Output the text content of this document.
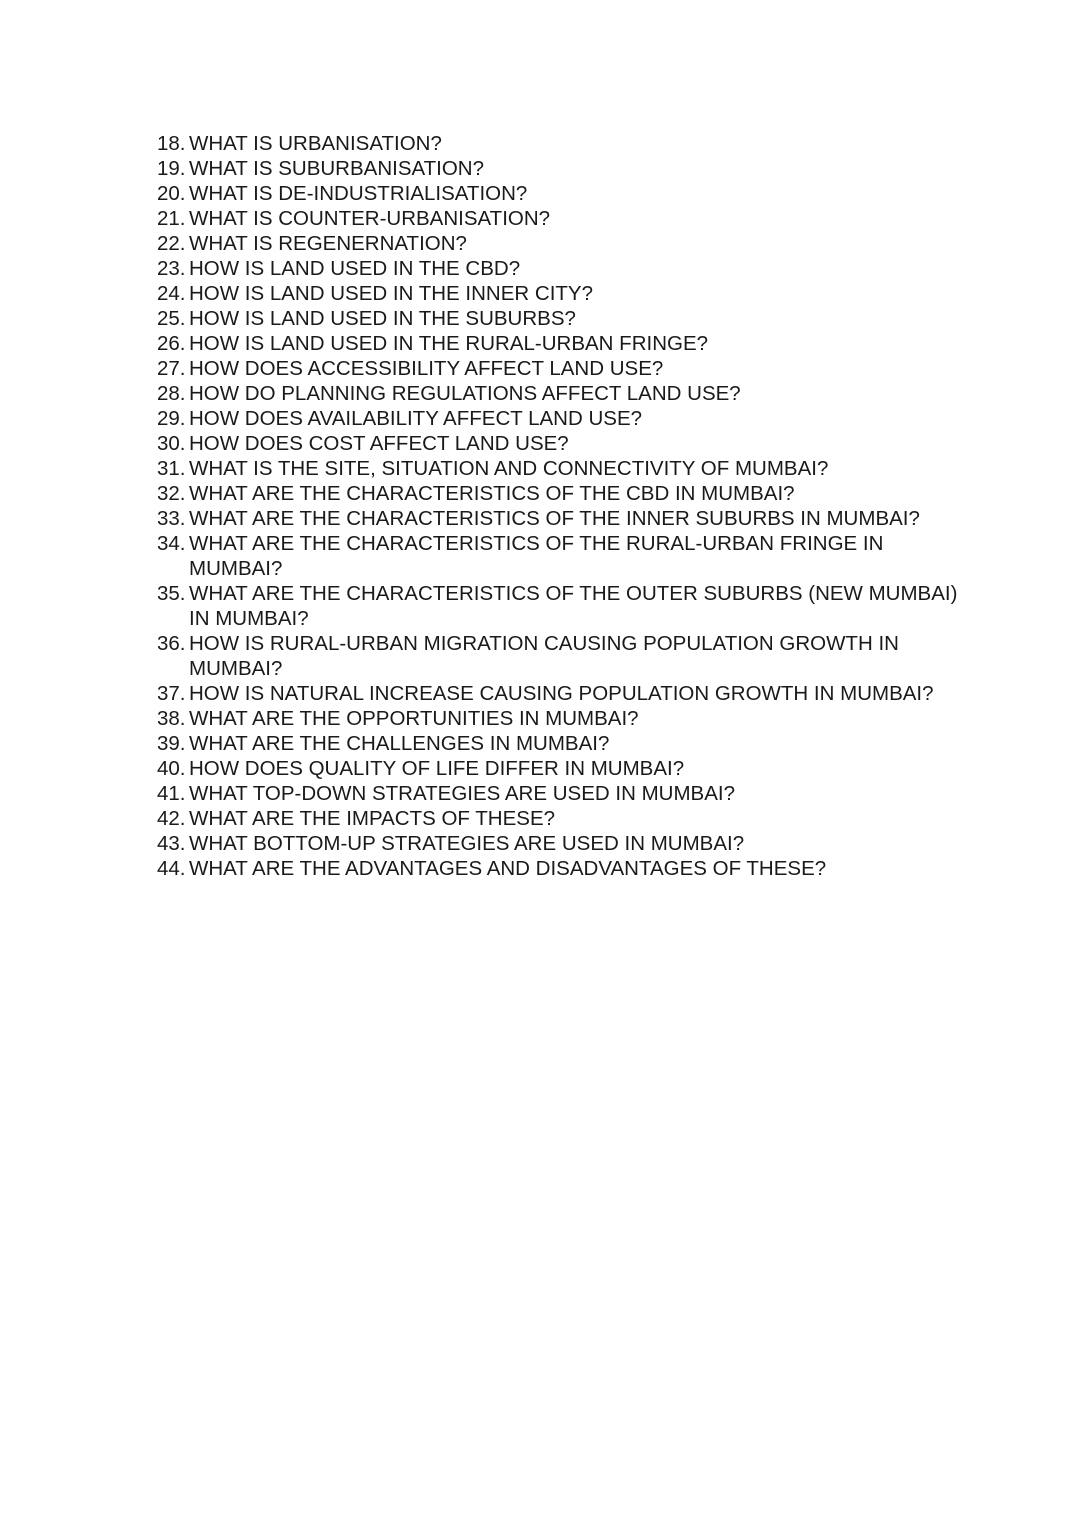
18. WHAT IS URBANISATION?
19. WHAT IS SUBURBANISATION?
20. WHAT IS DE-INDUSTRIALISATION?
21. WHAT IS COUNTER-URBANISATION?
22. WHAT IS REGENERNATION?
23. HOW IS LAND USED IN THE CBD?
24. HOW IS LAND USED IN THE INNER CITY?
25. HOW IS LAND USED IN THE SUBURBS?
26. HOW IS LAND USED IN THE RURAL-URBAN FRINGE?
27. HOW DOES ACCESSIBILITY AFFECT LAND USE?
28. HOW DO PLANNING REGULATIONS AFFECT LAND USE?
29. HOW DOES AVAILABILITY AFFECT LAND USE?
30. HOW DOES COST AFFECT LAND USE?
31. WHAT IS THE SITE, SITUATION AND CONNECTIVITY OF MUMBAI?
32. WHAT ARE THE CHARACTERISTICS OF THE CBD IN MUMBAI?
33. WHAT ARE THE CHARACTERISTICS OF THE INNER SUBURBS IN MUMBAI?
34. WHAT ARE THE CHARACTERISTICS OF THE RURAL-URBAN FRINGE IN MUMBAI?
35. WHAT ARE THE CHARACTERISTICS OF THE OUTER SUBURBS (NEW MUMBAI) IN MUMBAI?
36. HOW IS RURAL-URBAN MIGRATION CAUSING POPULATION GROWTH IN MUMBAI?
37. HOW IS NATURAL INCREASE CAUSING POPULATION GROWTH IN MUMBAI?
38. WHAT ARE THE OPPORTUNITIES IN MUMBAI?
39. WHAT ARE THE CHALLENGES IN MUMBAI?
40. HOW DOES QUALITY OF LIFE DIFFER IN MUMBAI?
41. WHAT TOP-DOWN STRATEGIES ARE USED IN MUMBAI?
42. WHAT ARE THE IMPACTS OF THESE?
43. WHAT BOTTOM-UP STRATEGIES ARE USED IN MUMBAI?
44. WHAT ARE THE ADVANTAGES AND DISADVANTAGES OF THESE?
